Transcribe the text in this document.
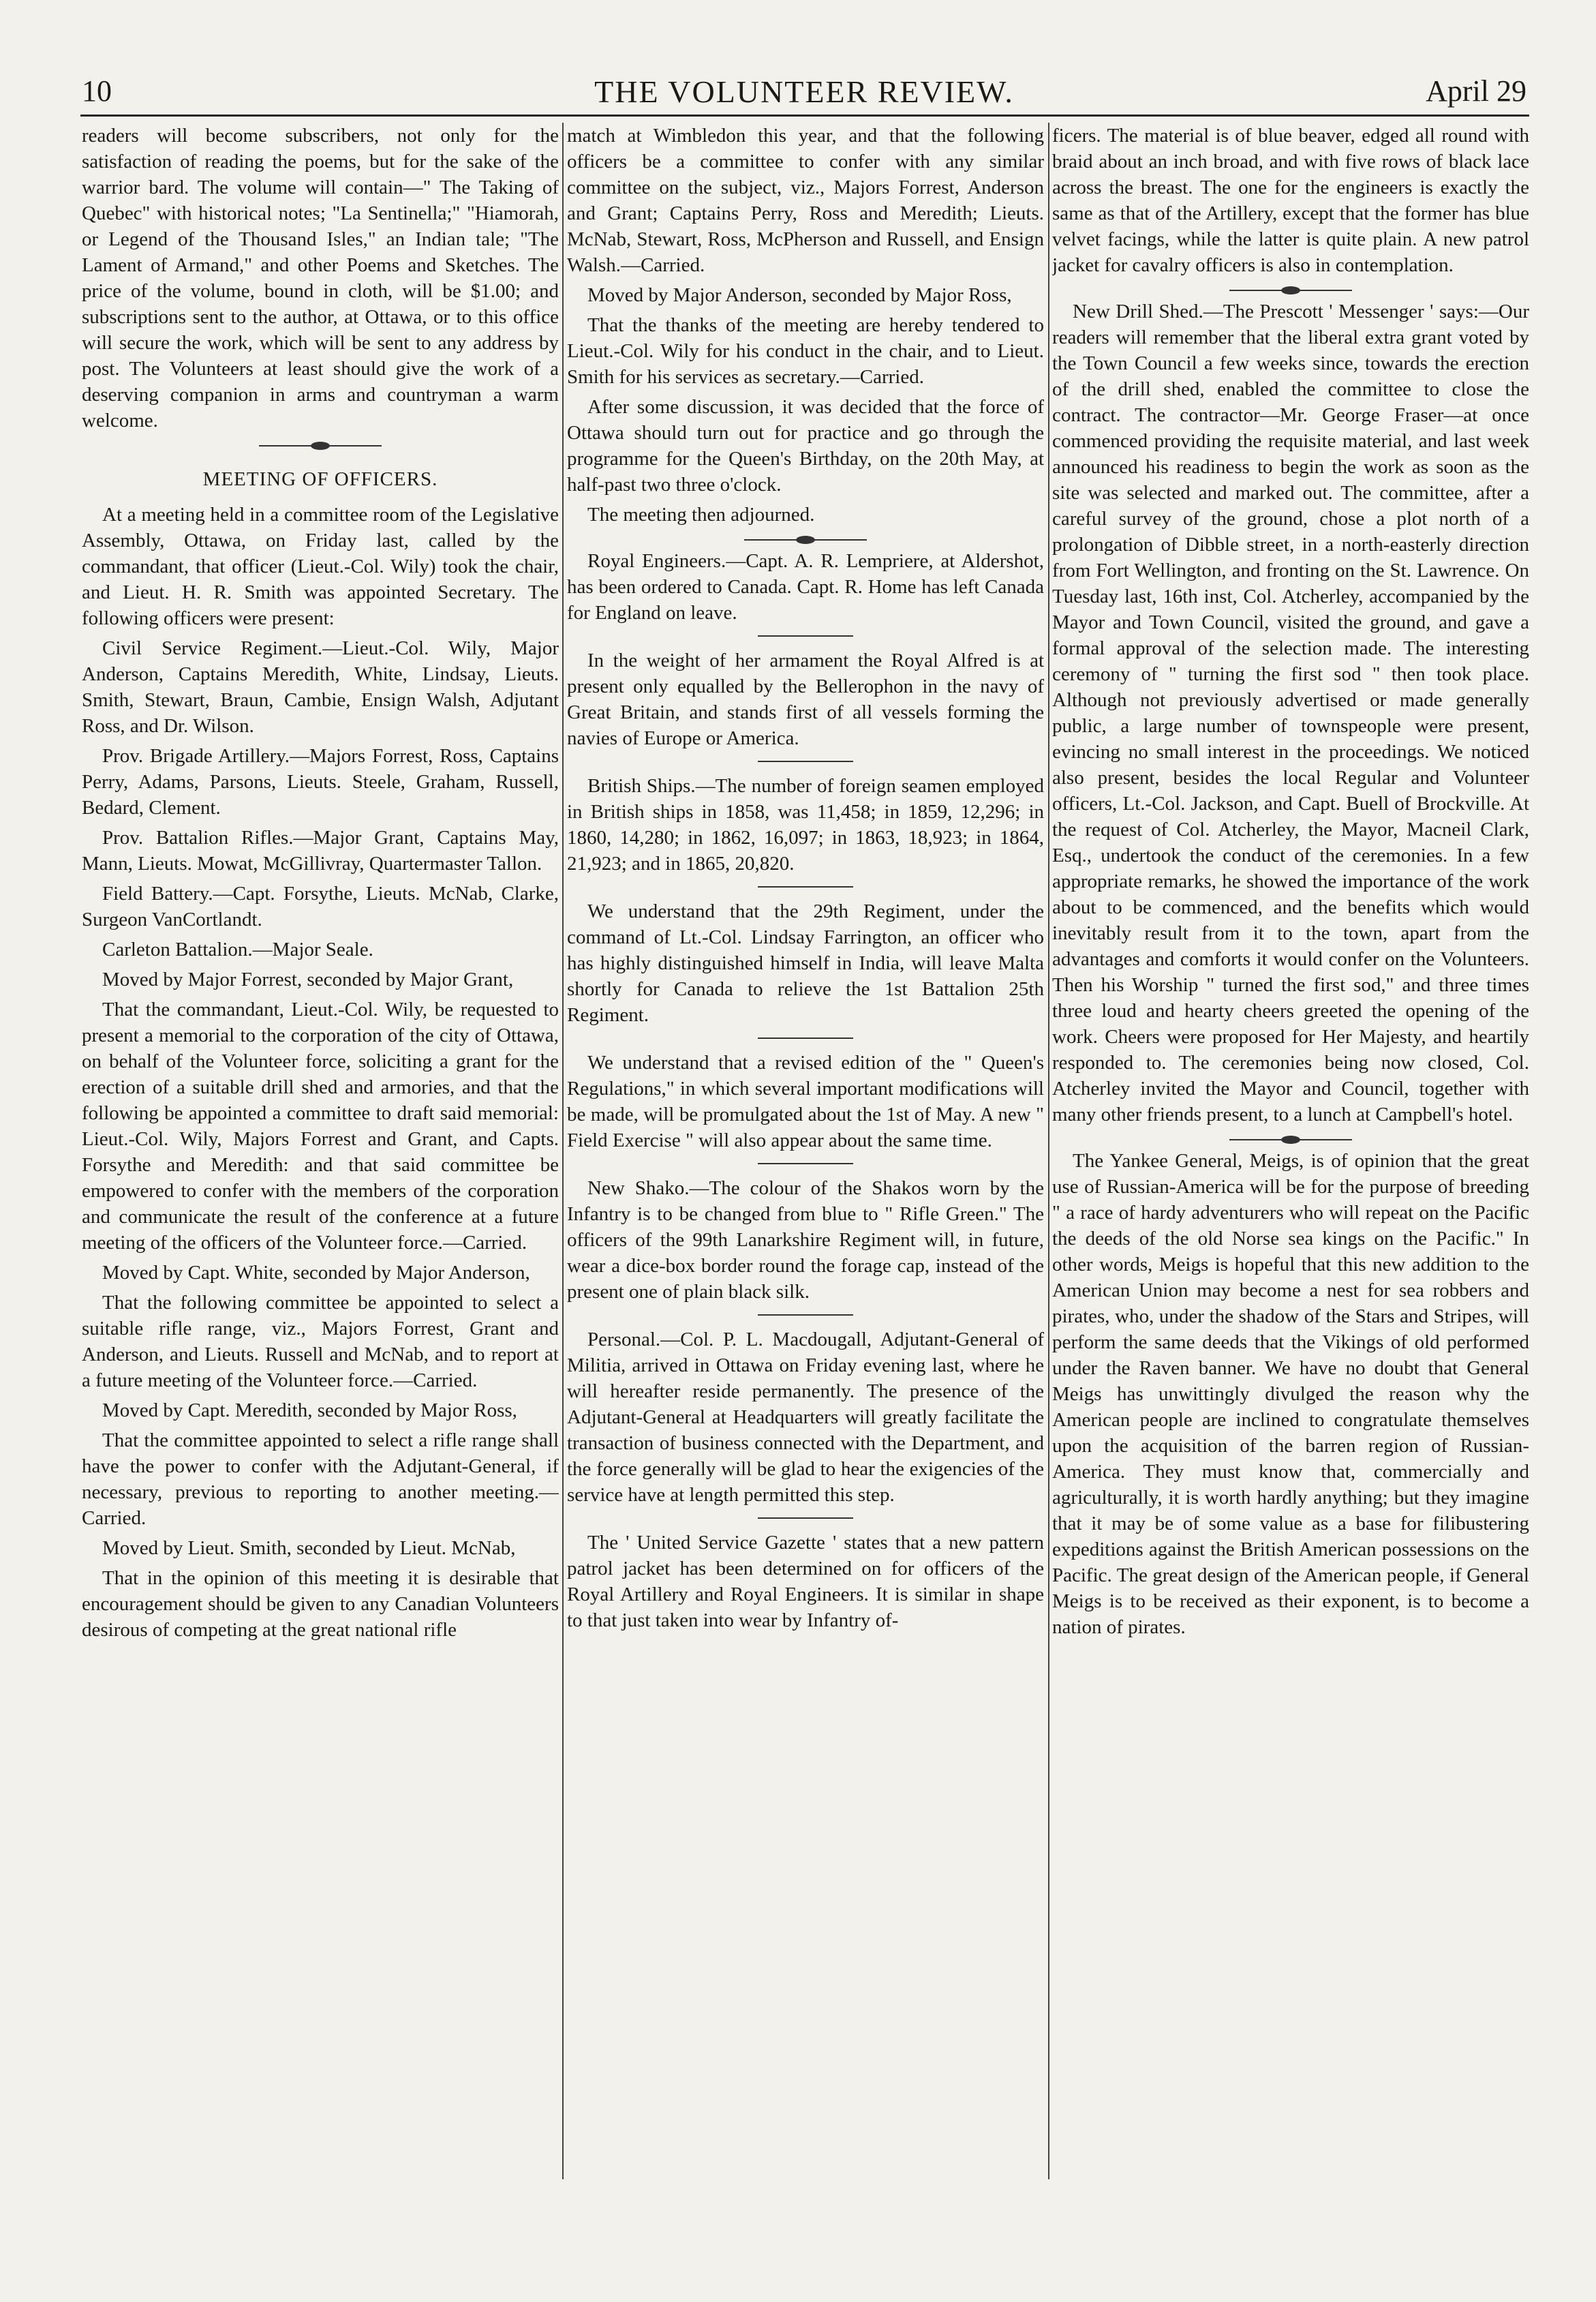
10	THE VOLUNTEER REVIEW.	April 29

readers will become subscribers, not only for the satisfaction of reading the poems, but for the sake of the warrior bard. The volume will contain—" The Taking of Quebec" with historical notes; "La Sentinella;" "Hiamorah, or Legend of the Thousand Isles," an Indian tale; "The Lament of Armand," and other Poems and Sketches. The price of the volume, bound in cloth, will be $1.00; and subscriptions sent to the author, at Ottawa, or to this office will secure the work, which will be sent to any address by post. The Volunteers at least should give the work of a deserving companion in arms and countryman a warm welcome.

MEETING OF OFFICERS.

At a meeting held in a committee room of the Legislative Assembly, Ottawa, on Friday last, called by the commandant, that officer (Lieut.-Col. Wily) took the chair, and Lieut. H. R. Smith was appointed Secretary. The following officers were present:

Civil Service Regiment.—Lieut.-Col. Wily, Major Anderson, Captains Meredith, White, Lindsay, Lieuts. Smith, Stewart, Braun, Cambie, Ensign Walsh, Adjutant Ross, and Dr. Wilson.

Prov. Brigade Artillery.—Majors Forrest, Ross, Captains Perry, Adams, Parsons, Lieuts. Steele, Graham, Russell, Bedard, Clement.

Prov. Battalion Rifles.—Major Grant, Captains May, Mann, Lieuts. Mowat, McGillivray, Quartermaster Tallon.

Field Battery.—Capt. Forsythe, Lieuts. McNab, Clarke, Surgeon VanCortlandt.

Carleton Battalion.—Major Seale.

Moved by Major Forrest, seconded by Major Grant,

That the commandant, Lieut.-Col. Wily, be requested to present a memorial to the corporation of the city of Ottawa, on behalf of the Volunteer force, soliciting a grant for the erection of a suitable drill shed and armories, and that the following be appointed a committee to draft said memorial: Lieut.-Col. Wily, Majors Forrest and Grant, and Capts. Forsythe and Meredith: and that said committee be empowered to confer with the members of the corporation and communicate the result of the conference at a future meeting of the officers of the Volunteer force.—Carried.

Moved by Capt. White, seconded by Major Anderson,

That the following committee be appointed to select a suitable rifle range, viz., Majors Forrest, Grant and Anderson, and Lieuts. Russell and McNab, and to report at a future meeting of the Volunteer force.—Carried.

Moved by Capt. Meredith, seconded by Major Ross,

That the committee appointed to select a rifle range shall have the power to confer with the Adjutant-General, if necessary, previous to reporting to another meeting.—Carried.

Moved by Lieut. Smith, seconded by Lieut. McNab,

That in the opinion of this meeting it is desirable that encouragement should be given to any Canadian Volunteers desirous of competing at the great national rifle

match at Wimbledon this year, and that the following officers be a committee to confer with any similar committee on the subject, viz., Majors Forrest, Anderson and Grant; Captains Perry, Ross and Meredith; Lieuts. McNab, Stewart, Ross, McPherson and Russell, and Ensign Walsh.—Carried.

Moved by Major Anderson, seconded by Major Ross,

That the thanks of the meeting are hereby tendered to Lieut.-Col. Wily for his conduct in the chair, and to Lieut. Smith for his services as secretary.—Carried.

After some discussion, it was decided that the force of Ottawa should turn out for practice and go through the programme for the Queen's Birthday, on the 20th May, at half-past two three o'clock.

The meeting then adjourned.

Royal Engineers.—Capt. A. R. Lempriere, at Aldershot, has been ordered to Canada. Capt. R. Home has left Canada for England on leave.

In the weight of her armament the Royal Alfred is at present only equalled by the Bellerophon in the navy of Great Britain, and stands first of all vessels forming the navies of Europe or America.

British Ships.—The number of foreign seamen employed in British ships in 1858, was 11,458; in 1859, 12,296; in 1860, 14,280; in 1862, 16,097; in 1863, 18,923; in 1864, 21,923; and in 1865, 20,820.

We understand that the 29th Regiment, under the command of Lt.-Col. Lindsay Farrington, an officer who has highly distinguished himself in India, will leave Malta shortly for Canada to relieve the 1st Battalion 25th Regiment.

We understand that a revised edition of the " Queen's Regulations," in which several important modifications will be made, will be promulgated about the 1st of May. A new " Field Exercise " will also appear about the same time.

New Shako.—The colour of the Shakos worn by the Infantry is to be changed from blue to " Rifle Green." The officers of the 99th Lanarkshire Regiment will, in future, wear a dice-box border round the forage cap, instead of the present one of plain black silk.

Personal.—Col. P. L. Macdougall, Adjutant-General of Militia, arrived in Ottawa on Friday evening last, where he will hereafter reside permanently. The presence of the Adjutant-General at Headquarters will greatly facilitate the transaction of business connected with the Department, and the force generally will be glad to hear the exigencies of the service have at length permitted this step.

The ' United Service Gazette ' states that a new pattern patrol jacket has been determined on for officers of the Royal Artillery and Royal Engineers. It is similar in shape to that just taken into wear by Infantry of-

ficers. The material is of blue beaver, edged all round with braid about an inch broad, and with five rows of black lace across the breast. The one for the engineers is exactly the same as that of the Artillery, except that the former has blue velvet facings, while the latter is quite plain. A new patrol jacket for cavalry officers is also in contemplation.

New Drill Shed.—The Prescott ' Messenger ' says:—Our readers will remember that the liberal extra grant voted by the Town Council a few weeks since, towards the erection of the drill shed, enabled the committee to close the contract. The contractor—Mr. George Fraser—at once commenced providing the requisite material, and last week announced his readiness to begin the work as soon as the site was selected and marked out. The committee, after a careful survey of the ground, chose a plot north of a prolongation of Dibble street, in a north-easterly direction from Fort Wellington, and fronting on the St. Lawrence. On Tuesday last, 16th inst, Col. Atcherley, accompanied by the Mayor and Town Council, visited the ground, and gave a formal approval of the selection made. The interesting ceremony of " turning the first sod " then took place. Although not previously advertised or made generally public, a large number of townspeople were present, evincing no small interest in the proceedings. We noticed also present, besides the local Regular and Volunteer officers, Lt.-Col. Jackson, and Capt. Buell of Brockville. At the request of Col. Atcherley, the Mayor, Macneil Clark, Esq., undertook the conduct of the ceremonies. In a few appropriate remarks, he showed the importance of the work about to be commenced, and the benefits which would inevitably result from it to the town, apart from the advantages and comforts it would confer on the Volunteers. Then his Worship " turned the first sod," and three times three loud and hearty cheers greeted the opening of the work. Cheers were proposed for Her Majesty, and heartily responded to. The ceremonies being now closed, Col. Atcherley invited the Mayor and Council, together with many other friends present, to a lunch at Campbell's hotel.

The Yankee General, Meigs, is of opinion that the great use of Russian-America will be for the purpose of breeding " a race of hardy adventurers who will repeat on the Pacific the deeds of the old Norse sea kings on the Pacific." In other words, Meigs is hopeful that this new addition to the American Union may become a nest for sea robbers and pirates, who, under the shadow of the Stars and Stripes, will perform the same deeds that the Vikings of old performed under the Raven banner. We have no doubt that General Meigs has unwittingly divulged the reason why the American people are inclined to congratulate themselves upon the acquisition of the barren region of Russian-America. They must know that, commercially and agriculturally, it is worth hardly anything; but they imagine that it may be of some value as a base for filibustering expeditions against the British American possessions on the Pacific. The great design of the American people, if General Meigs is to be received as their exponent, is to become a nation of pirates.
